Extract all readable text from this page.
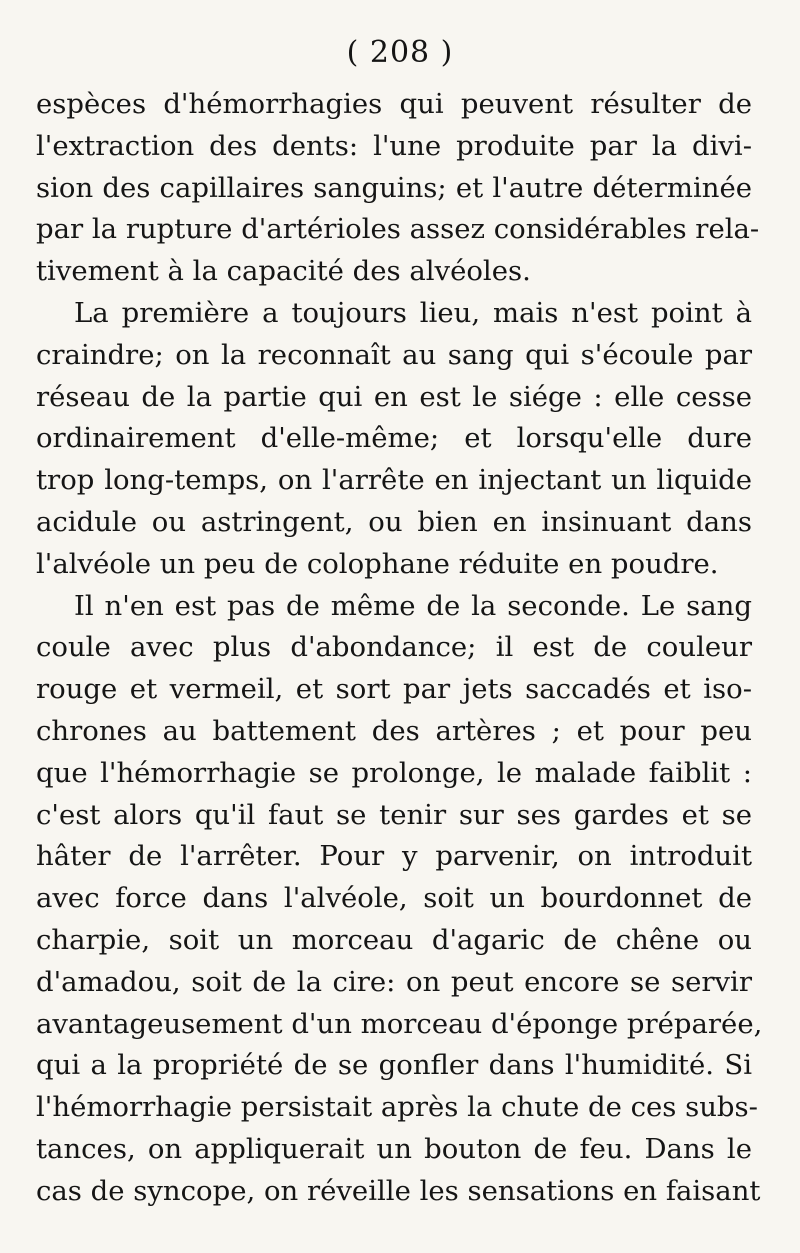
( 208 )
espèces d'hémorrhagies qui peuvent résulter de
l'extraction des dents: l'une produite par la divi-
sion des capillaires sanguins; et l'autre déterminée
par la rupture d'artérioles assez considérables rela-
tivement à la capacité des alvéoles.
La première a toujours lieu, mais n'est point à
craindre; on la reconnaît au sang qui s'écoule par
réseau de la partie qui en est le siége : elle cesse
ordinairement d'elle-même; et lorsqu'elle dure
trop long-temps, on l'arrête en injectant un liquide
acidule ou astringent, ou bien en insinuant dans
l'alvéole un peu de colophane réduite en poudre.
Il n'en est pas de même de la seconde. Le sang
coule avec plus d'abondance; il est de couleur
rouge et vermeil, et sort par jets saccadés et iso-
chrones au battement des artères ; et pour peu
que l'hémorrhagie se prolonge, le malade faiblit :
c'est alors qu'il faut se tenir sur ses gardes et se
hâter de l'arrêter. Pour y parvenir, on introduit
avec force dans l'alvéole, soit un bourdonnet de
charpie, soit un morceau d'agaric de chêne ou
d'amadou, soit de la cire: on peut encore se servir
avantageusement d'un morceau d'éponge préparée,
qui a la propriété de se gonfler dans l'humidité. Si
l'hémorrhagie persistait après la chute de ces subs-
tances, on appliquerait un bouton de feu. Dans le
cas de syncope, on réveille les sensations en faisant
